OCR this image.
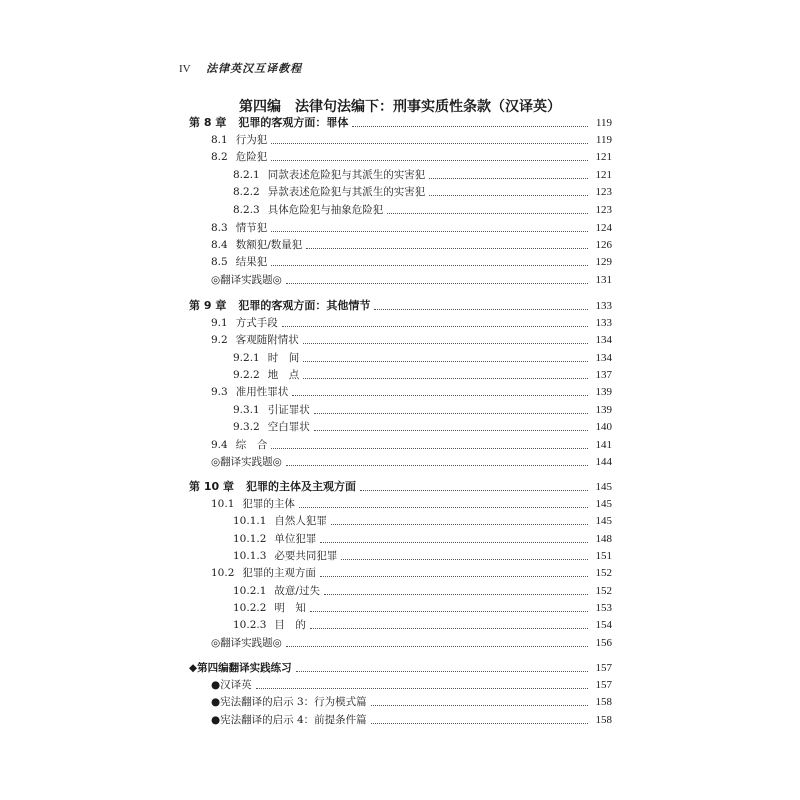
IV 法律英汉互译教程
第四编　法律句法编下：刑事实质性条款（汉译英）
第 8 章 犯罪的客观方面：罪体	119
8.1 行为犯	119
8.2 危险犯	121
8.2.1 同款表述危险犯与其派生的实害犯	121
8.2.2 异款表述危险犯与其派生的实害犯	123
8.2.3 具体危险犯与抽象危险犯	123
8.3 情节犯	124
8.4 数额犯/数量犯	126
8.5 结果犯	129
◎翻译实践题◎	131
第 9 章 犯罪的客观方面：其他情节	133
9.1 方式手段	133
9.2 客观随附情状	134
9.2.1 时　间	134
9.2.2 地　点	137
9.3 准用性罪状	139
9.3.1 引证罪状	139
9.3.2 空白罪状	140
9.4 综　合	141
◎翻译实践题◎	144
第 10 章 犯罪的主体及主观方面	145
10.1 犯罪的主体	145
10.1.1 自然人犯罪	145
10.1.2 单位犯罪	148
10.1.3 必要共同犯罪	151
10.2 犯罪的主观方面	152
10.2.1 故意/过失	152
10.2.2 明　知	153
10.2.3 目　的	154
◎翻译实践题◎	156
◆第四编翻译实践练习	157
●汉译英	157
●宪法翻译的启示 3：行为模式篇	158
●宪法翻译的启示 4：前提条件篇	158
